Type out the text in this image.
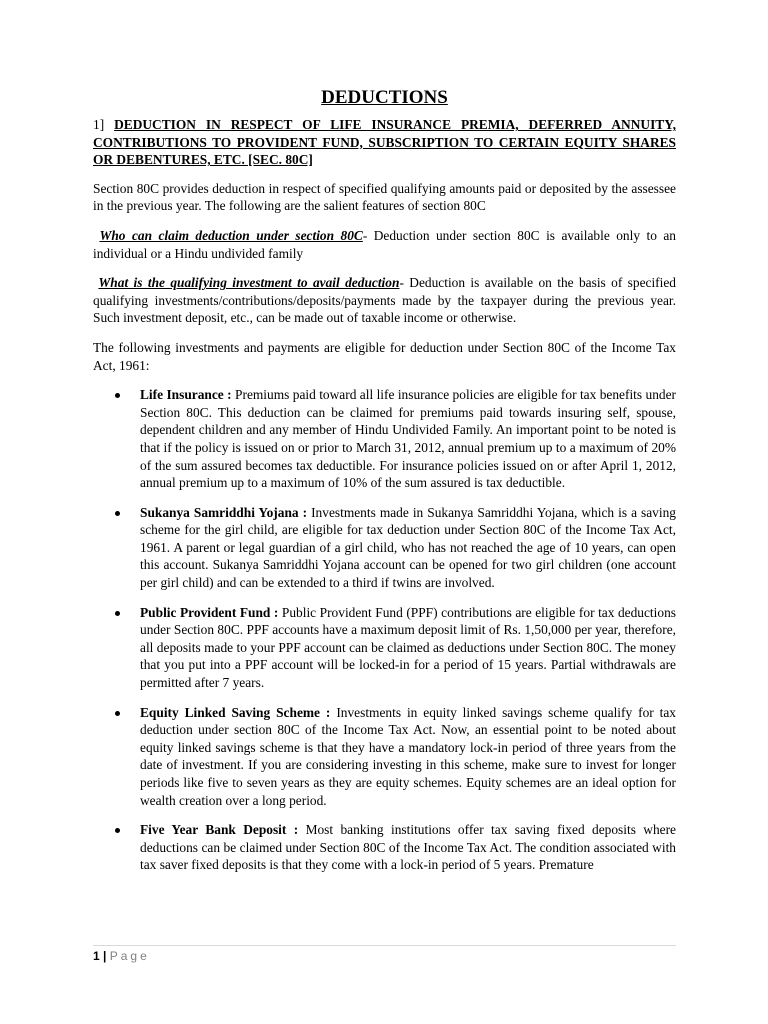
DEDUCTIONS

1] DEDUCTION IN RESPECT OF LIFE INSURANCE PREMIA, DEFERRED ANNUITY, CONTRIBUTIONS TO PROVIDENT FUND, SUBSCRIPTION TO CERTAIN EQUITY SHARES OR DEBENTURES, ETC. [SEC. 80C]

Section 80C provides deduction in respect of specified qualifying amounts paid or deposited by the assessee in the previous year. The following are the salient features of section 80C

Who can claim deduction under section 80C- Deduction under section 80C is available only to an individual or a Hindu undivided family

What is the qualifying investment to avail deduction- Deduction is available on the basis of specified qualifying investments/contributions/deposits/payments made by the taxpayer during the previous year. Such investment deposit, etc., can be made out of taxable income or otherwise.

The following investments and payments are eligible for deduction under Section 80C of the Income Tax Act, 1961:

Life Insurance : Premiums paid toward all life insurance policies are eligible for tax benefits under Section 80C. This deduction can be claimed for premiums paid towards insuring self, spouse, dependent children and any member of Hindu Undivided Family. An important point to be noted is that if the policy is issued on or prior to March 31, 2012, annual premium up to a maximum of 20% of the sum assured becomes tax deductible. For insurance policies issued on or after April 1, 2012, annual premium up to a maximum of 10% of the sum assured is tax deductible.
Sukanya Samriddhi Yojana : Investments made in Sukanya Samriddhi Yojana, which is a saving scheme for the girl child, are eligible for tax deduction under Section 80C of the Income Tax Act, 1961. A parent or legal guardian of a girl child, who has not reached the age of 10 years, can open this account. Sukanya Samriddhi Yojana account can be opened for two girl children (one account per girl child) and can be extended to a third if twins are involved.
Public Provident Fund : Public Provident Fund (PPF) contributions are eligible for tax deductions under Section 80C. PPF accounts have a maximum deposit limit of Rs. 1,50,000 per year, therefore, all deposits made to your PPF account can be claimed as deductions under Section 80C. The money that you put into a PPF account will be locked-in for a period of 15 years. Partial withdrawals are permitted after 7 years.
Equity Linked Saving Scheme : Investments in equity linked savings scheme qualify for tax deduction under section 80C of the Income Tax Act. Now, an essential point to be noted about equity linked savings scheme is that they have a mandatory lock-in period of three years from the date of investment. If you are considering investing in this scheme, make sure to invest for longer periods like five to seven years as they are equity schemes. Equity schemes are an ideal option for wealth creation over a long period.
Five Year Bank Deposit : Most banking institutions offer tax saving fixed deposits where deductions can be claimed under Section 80C of the Income Tax Act. The condition associated with tax saver fixed deposits is that they come with a lock-in period of 5 years. Premature
1 | Page
